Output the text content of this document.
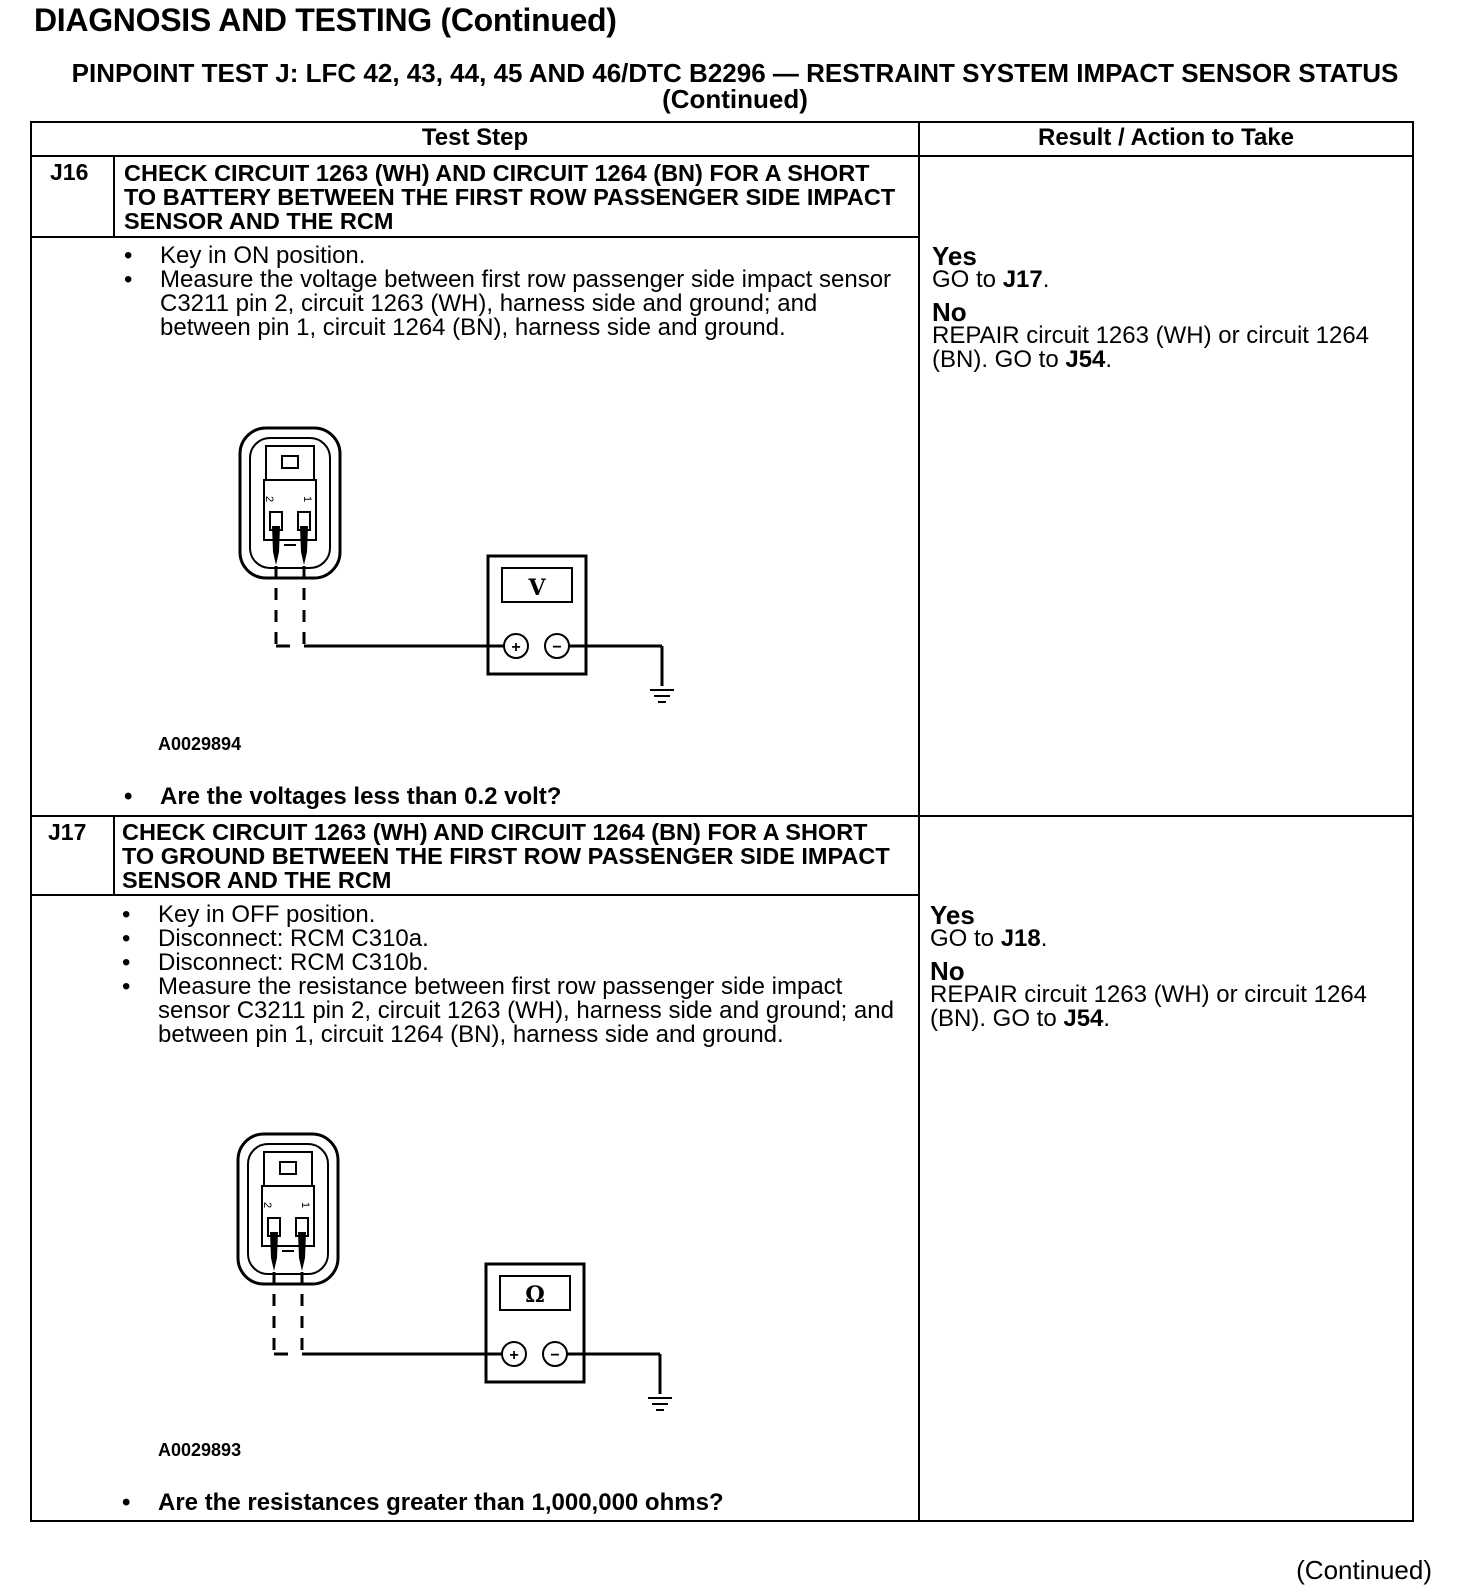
DIAGNOSIS AND TESTING (Continued)
PINPOINT TEST J: LFC 42, 43, 44, 45 AND 46/DTC B2296 — RESTRAINT SYSTEM IMPACT SENSOR STATUS (Continued)
Test Step	Result / Action to Take
J16 CHECK CIRCUIT 1263 (WH) AND CIRCUIT 1264 (BN) FOR A SHORT TO BATTERY BETWEEN THE FIRST ROW PASSENGER SIDE IMPACT SENSOR AND THE RCM
• Key in ON position.
• Measure the voltage between first row passenger side impact sensor C3211 pin 2, circuit 1263 (WH), harness side and ground; and between pin 1, circuit 1264 (BN), harness side and ground.
2 1
V
+ −
A0029894
• Are the voltages less than 0.2 volt?
Yes
GO to J17.
No
REPAIR circuit 1263 (WH) or circuit 1264 (BN). GO to J54.
J17 CHECK CIRCUIT 1263 (WH) AND CIRCUIT 1264 (BN) FOR A SHORT TO GROUND BETWEEN THE FIRST ROW PASSENGER SIDE IMPACT SENSOR AND THE RCM
• Key in OFF position.
• Disconnect: RCM C310a.
• Disconnect: RCM C310b.
• Measure the resistance between first row passenger side impact sensor C3211 pin 2, circuit 1263 (WH), harness side and ground; and between pin 1, circuit 1264 (BN), harness side and ground.
2 1
Ω
+ −
A0029893
• Are the resistances greater than 1,000,000 ohms?
Yes
GO to J18.
No
REPAIR circuit 1263 (WH) or circuit 1264 (BN). GO to J54.
(Continued)
